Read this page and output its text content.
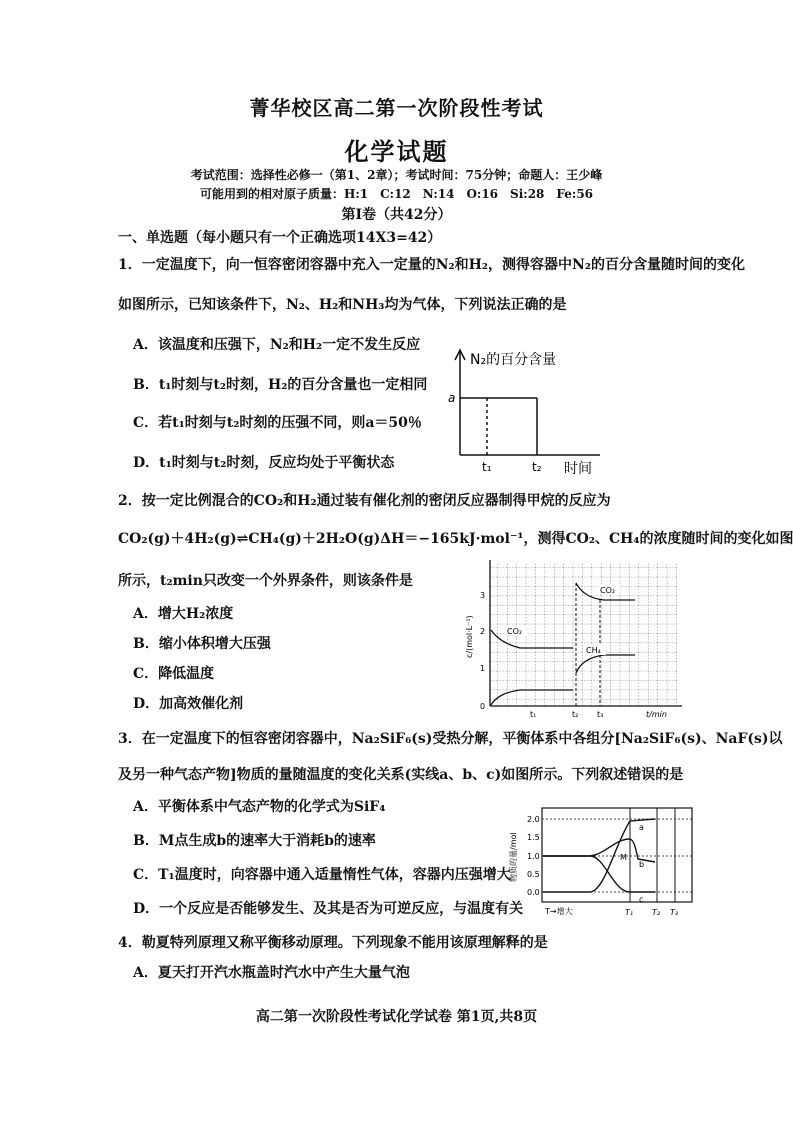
菁华校区高二第一次阶段性考试
化学试题
考试范围：选择性必修一（第1、2章）；考试时间：75分钟；命题人：王少峰
可能用到的相对原子质量：H:1　C:12　N:14　O:16　Si:28　Fe:56
第Ⅰ卷（共42分）
一、单选题（每小题只有一个正确选项14X3=42）
1．一定温度下，向一恒容密闭容器中充入一定量的N₂和H₂，测得容器中N₂的百分含量随时间的变化
如图所示，已知该条件下，N₂、H₂和NH₃均为气体，下列说法正确的是
A．该温度和压强下，N₂和H₂一定不发生反应
B．t₁时刻与t₂时刻，H₂的百分含量也一定相同
C．若t₁时刻与t₂时刻的压强不同，则a＝50％
D．t₁时刻与t₂时刻，反应均处于平衡状态
N₂的百分含量
a
t₁	t₂ 时间
2．按一定比例混合的CO₂和H₂通过装有催化剂的密闭反应器制得甲烷的反应为
CO₂(g)＋4H₂(g)⇌CH₄(g)＋2H₂O(g)ΔH＝−165kJ·mol⁻¹，测得CO₂、CH₄的浓度随时间的变化如图
所示，t₂min只改变一个外界条件，则该条件是
A．增大H₂浓度
B．缩小体积增大压强
C．降低温度
D．加高效催化剂
3
2
1
0
c/(mol·L⁻¹)
t₁	t₂ t₃	t/min
CO₂
CO₂
CH₄
3．在一定温度下的恒容密闭容器中，Na₂SiF₆(s)受热分解，平衡体系中各组分[Na₂SiF₆(s)、NaF(s)以
及另一种气态产物]物质的量随温度的变化关系(实线a、b、c)如图所示。下列叙述错误的是
A．平衡体系中气态产物的化学式为SiF₄
B．M点生成b的速率大于消耗b的速率
C．T₁温度时，向容器中通入适量惰性气体，容器内压强增大
D．一个反应是否能够发生、及其是否为可逆反应，与温度有关
2.0
1.5
1.0
0.5
0.0
物质的量/mol
T→增大	T₁ T₂ T₃
a
b
c
M
4．勒夏特列原理又称平衡移动原理。下列现象不能用该原理解释的是
A．夏天打开汽水瓶盖时汽水中产生大量气泡
高二第一次阶段性考试化学试卷 第1页,共8页
